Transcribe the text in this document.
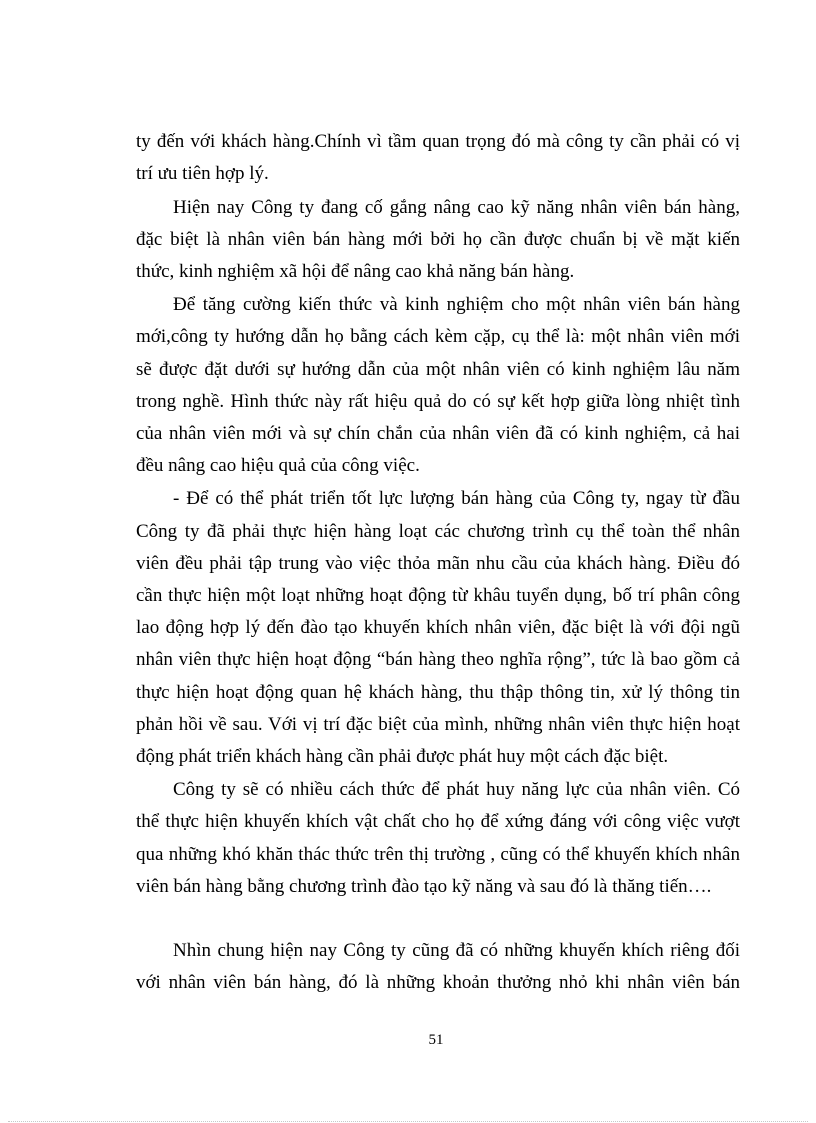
ty đến với khách hàng.Chính vì tầm quan trọng đó mà công ty cần phải có vị
trí ưu tiên hợp lý.
Hiện nay Công ty đang cố gắng nâng cao kỹ năng nhân viên bán hàng,
đặc biệt là nhân viên bán hàng mới bởi họ cần được chuẩn bị về mặt kiến
thức, kinh nghiệm xã hội để nâng cao khả năng bán hàng.
Để tăng cường kiến thức và kinh nghiệm cho một nhân viên bán hàng
mới,công ty hướng dẫn họ bằng cách kèm cặp, cụ thể là: một nhân viên mới
sẽ được đặt dưới sự hướng dẫn của một nhân viên có kinh nghiệm lâu năm
trong nghề. Hình thức này rất hiệu quả do có sự kết hợp giữa lòng nhiệt tình
của nhân viên mới và sự chín chắn của nhân viên đã có kinh nghiệm, cả hai
đều nâng cao hiệu quả của công việc.
- Để có thể phát triển tốt lực lượng bán hàng của Công ty, ngay từ đầu
Công ty đã phải thực hiện hàng loạt các chương trình cụ thể toàn thể nhân
viên đều phải tập trung vào việc thỏa mãn nhu cầu của khách hàng. Điều đó
cần thực hiện một loạt những hoạt động từ khâu tuyển dụng, bố trí phân công
lao động hợp lý đến đào tạo khuyến khích nhân viên, đặc biệt là với đội ngũ
nhân viên thực hiện hoạt động “bán hàng theo nghĩa rộng”, tức là bao gồm cả
thực hiện hoạt động quan hệ khách hàng, thu thập thông tin, xử lý thông tin
phản hồi về sau. Với vị trí đặc biệt của mình, những nhân viên thực hiện hoạt
động phát triển khách hàng cần phải được phát huy một cách đặc biệt.
Công ty sẽ có nhiều cách thức để phát huy năng lực của nhân viên. Có
thể thực hiện khuyến khích vật chất cho họ để xứng đáng với công việc vượt
qua những khó khăn thác thức trên thị trường , cũng có thể khuyến khích nhân
viên bán hàng bằng chương trình đào tạo kỹ năng và sau đó là thăng tiến….
Nhìn chung hiện nay Công ty cũng đã có những khuyến khích riêng đối
với nhân viên bán hàng, đó là những khoản thưởng nhỏ khi nhân viên bán
51
